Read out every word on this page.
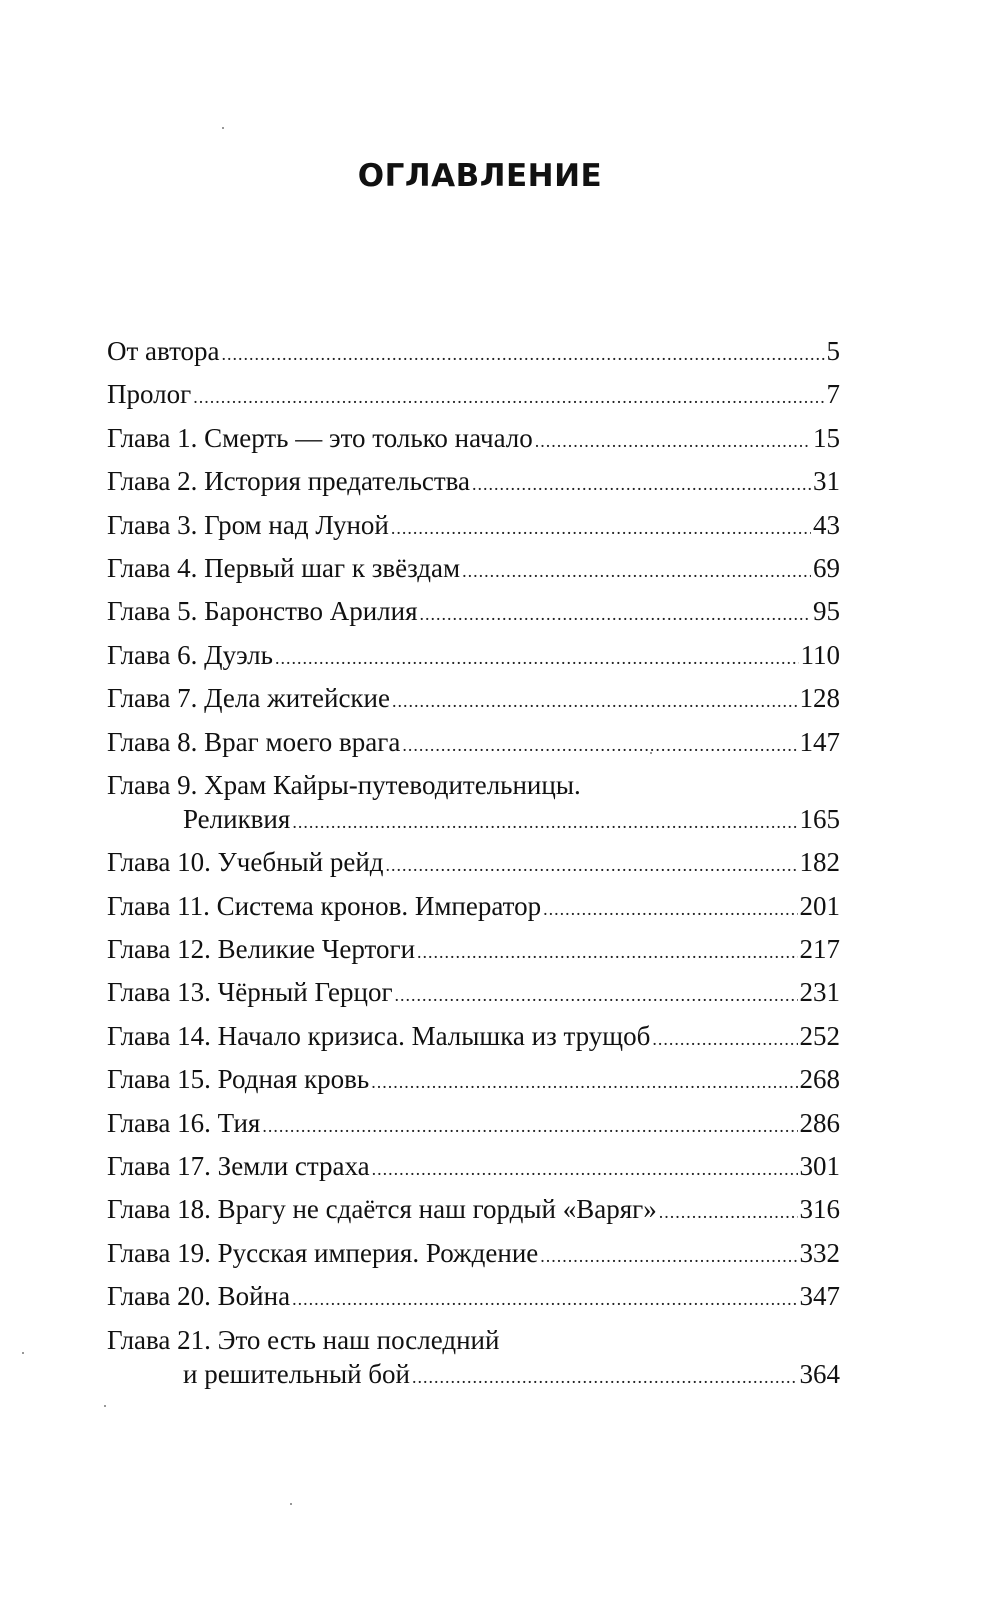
ОГЛАВЛЕНИЕ
От автора .....	5
Пролог .....	7
Глава 1. Смерть — это только начало .....	15
Глава 2. История предательства .....	31
Глава 3. Гром над Луной .....	43
Глава 4. Первый шаг к звёздам .....	69
Глава 5. Баронство Арилия .....	95
Глава 6. Дуэль .....	110
Глава 7. Дела житейские .....	128
Глава 8. Враг моего врага .....	147
Глава 9. Храм Кайры-путеводительницы.
Реликвия .....	165
Глава 10. Учебный рейд .....	182
Глава 11. Система кронов. Император .....	201
Глава 12. Великие Чертоги .....	217
Глава 13. Чёрный Герцог .....	231
Глава 14. Начало кризиса. Малышка из трущоб .....	252
Глава 15. Родная кровь .....	268
Глава 16. Тия .....	286
Глава 17. Земли страха .....	301
Глава 18. Врагу не сдаётся наш гордый «Варяг» .....	316
Глава 19. Русская империя. Рождение .....	332
Глава 20. Война .....	347
Глава 21. Это есть наш последний
и решительный бой .....	364
